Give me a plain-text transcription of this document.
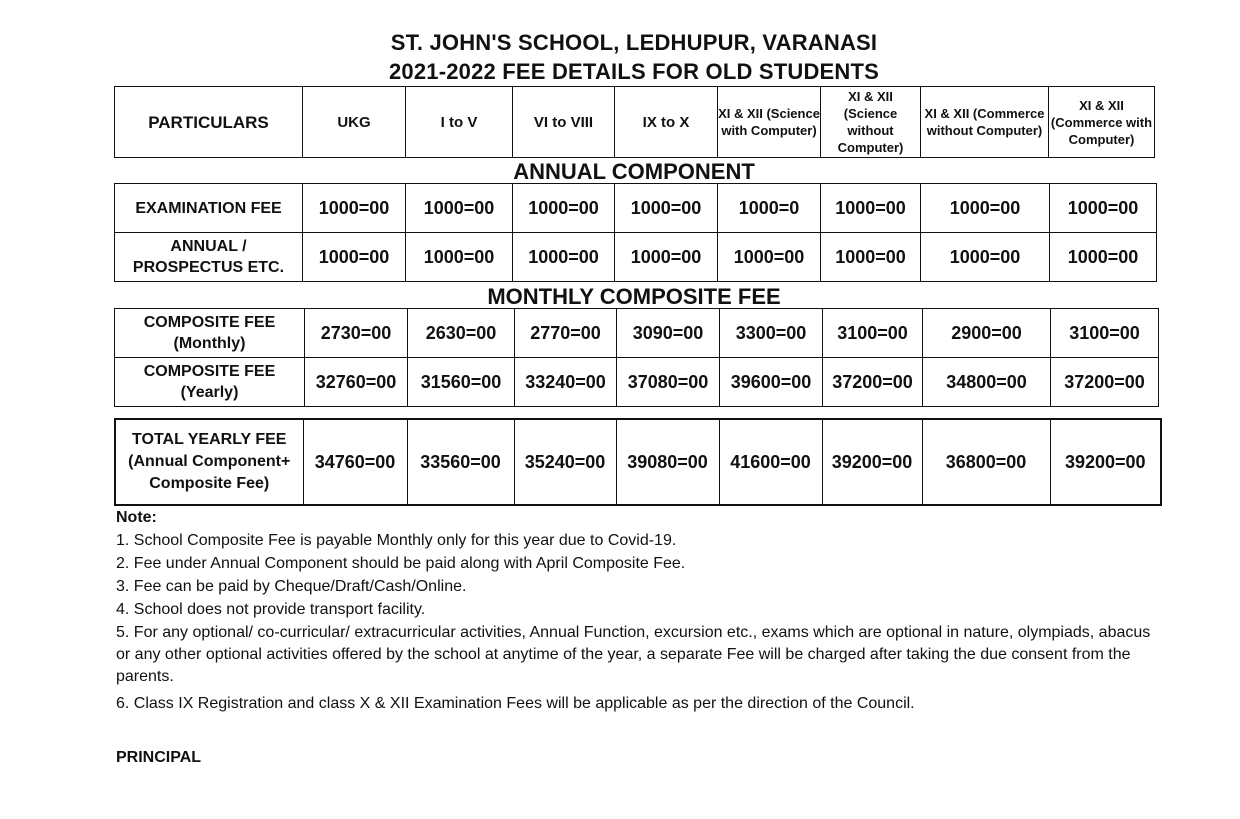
ST. JOHN'S SCHOOL, LEDHUPUR, VARANASI
2021-2022 FEE DETAILS FOR OLD STUDENTS
PARTICULARS	UKG	I to V	VI to VIII	IX to X	XI & XII (Science with Computer)	XI & XII (Science without Computer)	XI & XII (Commerce without Computer)	XI & XII (Commerce with Computer)
ANNUAL COMPONENT
EXAMINATION FEE	1000=00	1000=00	1000=00	1000=00	1000=0	1000=00	1000=00	1000=00
ANNUAL / PROSPECTUS ETC.	1000=00	1000=00	1000=00	1000=00	1000=00	1000=00	1000=00	1000=00
MONTHLY COMPOSITE FEE
COMPOSITE FEE (Monthly)	2730=00	2630=00	2770=00	3090=00	3300=00	3100=00	2900=00	3100=00
COMPOSITE FEE (Yearly)	32760=00	31560=00	33240=00	37080=00	39600=00	37200=00	34800=00	37200=00
TOTAL YEARLY FEE (Annual Component+ Composite Fee)	34760=00	33560=00	35240=00	39080=00	41600=00	39200=00	36800=00	39200=00
Note:
1. School Composite Fee is payable Monthly only for this year due to Covid-19.
2. Fee under Annual Component should be paid along with April Composite Fee.
3. Fee can be paid by Cheque/Draft/Cash/Online.
4. School does not provide transport facility.
5. For any optional/ co-curricular/ extracurricular activities, Annual Function, excursion etc., exams which are optional in nature, olympiads, abacus or any other optional activities offered by the school at anytime of the year, a separate Fee will be charged after taking the due consent from the parents.
6. Class IX Registration and class X & XII Examination Fees will be applicable as per the direction of the Council.
PRINCIPAL
